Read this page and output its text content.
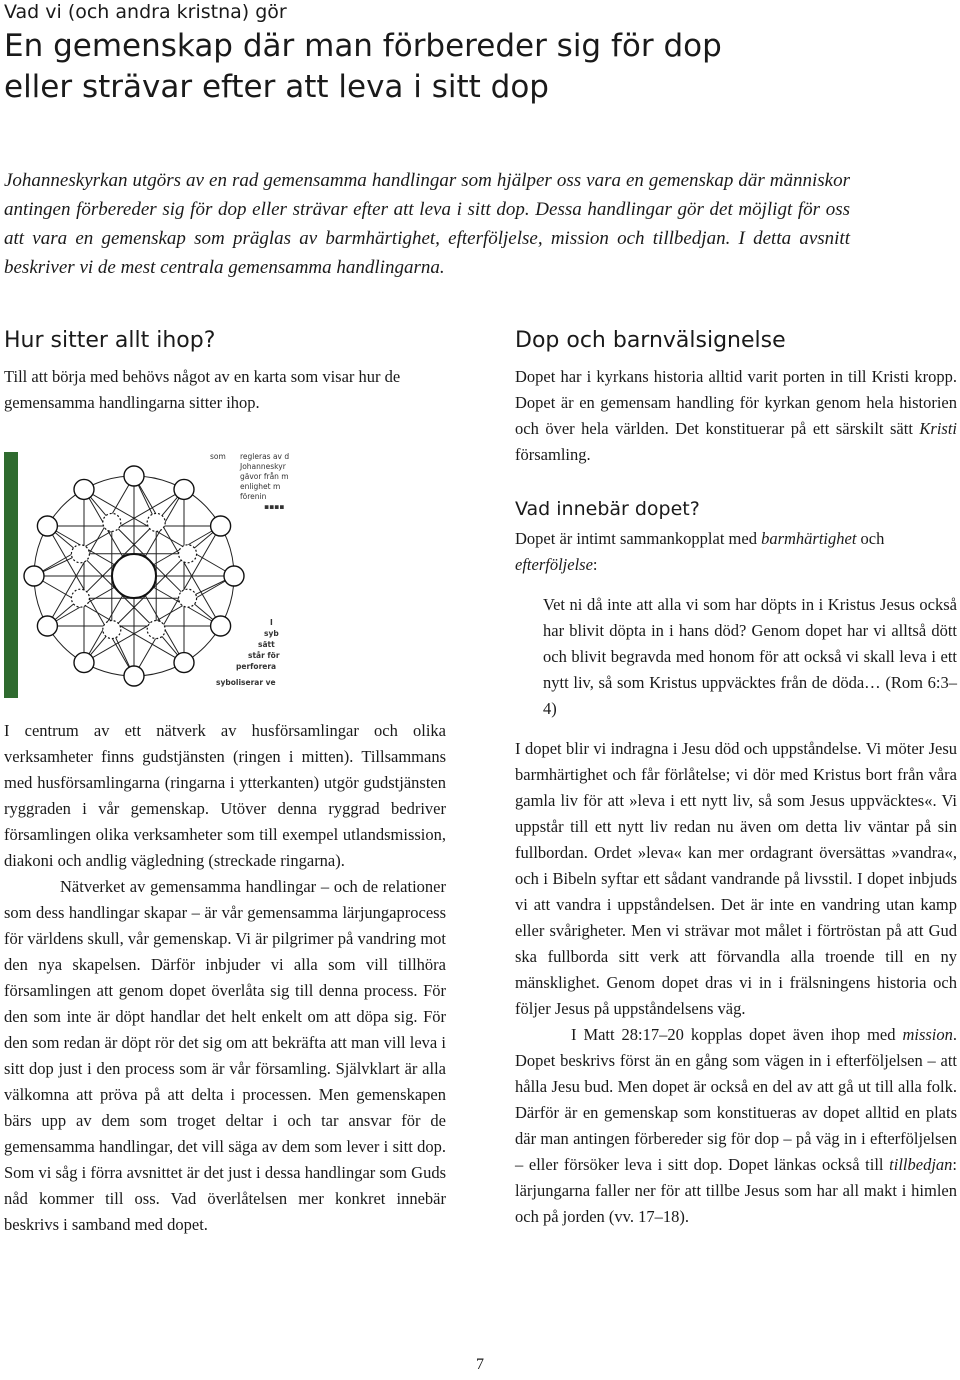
Vad vi (och andra kristna) gör
En gemenskap där man förbereder sig för dop
eller strävar efter att leva i sitt dop

Johanneskyrkan utgörs av en rad gemensamma handlingar som hjälper oss vara en gemenskap där människor antingen förbereder sig för dop eller strävar efter att leva i sitt dop. Dessa handlingar gör det möjligt för oss att vara en gemenskap som präglas av barmhärtighet, efterföljelse, mission och tillbedjan. I detta avsnitt beskriver vi de mest centrala gemensamma handlingarna.

Hur sitter allt ihop?

Till att börja med behövs något av en karta som visar hur de gemensamma handlingarna sitter ihop.

som regleras av d
Johanneskyr
gävor från m
enlighet m
förenin
▪▪▪▪
I
syb
sätt
står för
perforera
syboliserar ve

I centrum av ett nätverk av husförsamlingar och olika verksamheter finns gudstjänsten (ringen i mitten). Tillsammans med husförsamlingarna (ringarna i ytterkanten) utgör gudstjänsten ryggraden i vår gemenskap. Utöver denna ryggrad bedriver församlingen olika verksamheter som till exempel utlandsmission, diakoni och andlig vägledning (streckade ringarna).

Nätverket av gemensamma handlingar – och de relationer som dess handlingar skapar – är vår gemensamma lärjungaprocess för världens skull, vår gemenskap. Vi är pilgrimer på vandring mot den nya skapelsen. Därför inbjuder vi alla som vill tillhöra församlingen att genom dopet överlåta sig till denna process. För den som inte är döpt handlar det helt enkelt om att döpa sig. För den som redan är döpt rör det sig om att bekräfta att man vill leva i sitt dop just i den process som är vår församling. Självklart är alla välkomna att pröva på att delta i processen. Men gemenskapen bärs upp av dem som troget deltar i och tar ansvar för de gemensamma handlingar, det vill säga av dem som lever i sitt dop. Som vi såg i förra avsnittet är det just i dessa handlingar som Guds nåd kommer till oss. Vad överlåtelsen mer konkret innebär beskrivs i samband med dopet.

Dop och barnvälsignelse

Dopet har i kyrkans historia alltid varit porten in till Kristi kropp. Dopet är en gemensam handling för kyrkan genom hela historien och över hela världen. Det konstituerar på ett särskilt sätt Kristi församling.

Vad innebär dopet?

Dopet är intimt sammankopplat med barmhärtighet och efterföljelse:

Vet ni då inte att alla vi som har döpts in i Kristus Jesus också har blivit döpta in i hans död? Genom dopet har vi alltså dött och blivit begravda med honom för att också vi skall leva i ett nytt liv, så som Kristus uppväcktes från de döda… (Rom 6:3–4)

I dopet blir vi indragna i Jesu död och uppståndelse. Vi möter Jesu barmhärtighet och får förlåtelse; vi dör med Kristus bort från våra gamla liv för att »leva i ett nytt liv, så som Jesus uppväcktes«. Vi uppstår till ett nytt liv redan nu även om detta liv väntar på sin fullbordan. Ordet »leva« kan mer ordagrant översättas »vandra«, och i Bibeln syftar ett sådant vandrande på livsstil. I dopet inbjuds vi att vandra i uppståndelsen. Det är inte en vandring utan kamp eller svårigheter. Men vi strävar mot målet i förtröstan på att Gud ska fullborda sitt verk att förvandla alla troende till en ny mänsklighet. Genom dopet dras vi in i frälsningens historia och följer Jesus på uppståndelsens väg.

I Matt 28:17–20 kopplas dopet även ihop med mission. Dopet beskrivs först än en gång som vägen in i efterföljelsen – att hålla Jesu bud. Men dopet är också en del av att gå ut till alla folk. Därför är en gemenskap som konstitueras av dopet alltid en plats där man antingen förbereder sig för dop – på väg in i efterföljelsen – eller försöker leva i sitt dop. Dopet länkas också till tillbedjan: lärjungarna faller ner för att tillbe Jesus som har all makt i himlen och på jorden (vv. 17–18).

7
